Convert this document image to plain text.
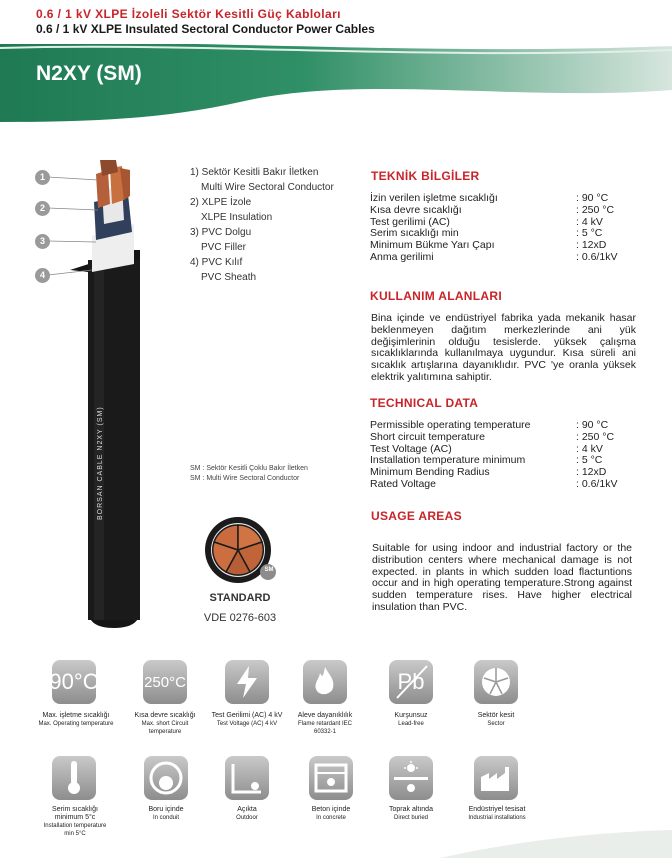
0.6 / 1 kV XLPE İzoleli Sektör Kesitli Güç Kabloları
0.6 / 1 kV XLPE Insulated Sectoral Conductor Power Cables
N2XY (SM)
1
2
3
4
BORSAN CABLE N2XY (SM)
1) Sektör Kesitli Bakır İletken
Multi Wire Sectoral Conductor
2) XLPE İzole
XLPE Insulation
3) PVC Dolgu
PVC Filler
4) PVC Kılıf
PVC Sheath
SM : Sektör Kesitli Çoklu Bakır İletken
SM : Multi Wire Sectoral Conductor
SM
STANDARD
VDE 0276-603
TEKNİK BİLGİLER
İzin verilen işletme sıcaklığı	: 90 °C
Kısa devre sıcaklığı	: 250 °C
Test gerilimi (AC)	: 4 kV
Serim sıcaklığı min	: 5 °C
Minimum Bükme Yarı Çapı	: 12xD
Anma gerilimi	: 0.6/1kV
KULLANIM ALANLARI
Bina içinde ve endüstriyel fabrika yada mekanik hasar beklenmeyen dağıtım merkezlerinde ani yük değişimlerinin olduğu tesislerde. yüksek çalışma sıcaklıklarında kullanılmaya uygundur. Kısa süreli ani sıcaklık artışlarına dayanıklıdır. PVC 'ye oranla yüksek elektrik yalıtımına sahiptir.
TECHNICAL DATA
Permissible operating temperature	: 90 °C
Short circuit temperature	: 250 °C
Test Voltage (AC)	: 4 kV
Installation temperature minimum	: 5 °C
Minimum Bending Radius	: 12xD
Rated Voltage	: 0.6/1kV
USAGE AREAS
Suitable for using indoor and industrial factory or the distribution centers where mechanical damage is not expected. in plants in which sudden load flactuntions occur and in high operating temperature.Strong against sudden temperature rises. Have higher electrical insulation than PVC.
90°C
Max. işletme sıcaklığı
Max. Operating temperature
250°C
Kısa devre sıcaklığı
Max. short Circuit temperature
Test Gerilimi (AC) 4 kV
Test Voltage (AC) 4 kV
Aleve dayanıklılık
Flame retardant IEC 60332-1
Pb
Kurşunsuz
Lead-free
Sektör kesit
Sector
Serim sıcaklığı minimum 5°c
Installation temperature min 5°C
Boru içinde
In conduit
Açıkta
Outdoor
Beton içinde
In concrete
Toprak altında
Direct buried
Endüstriyel tesisat
Industrial installations
